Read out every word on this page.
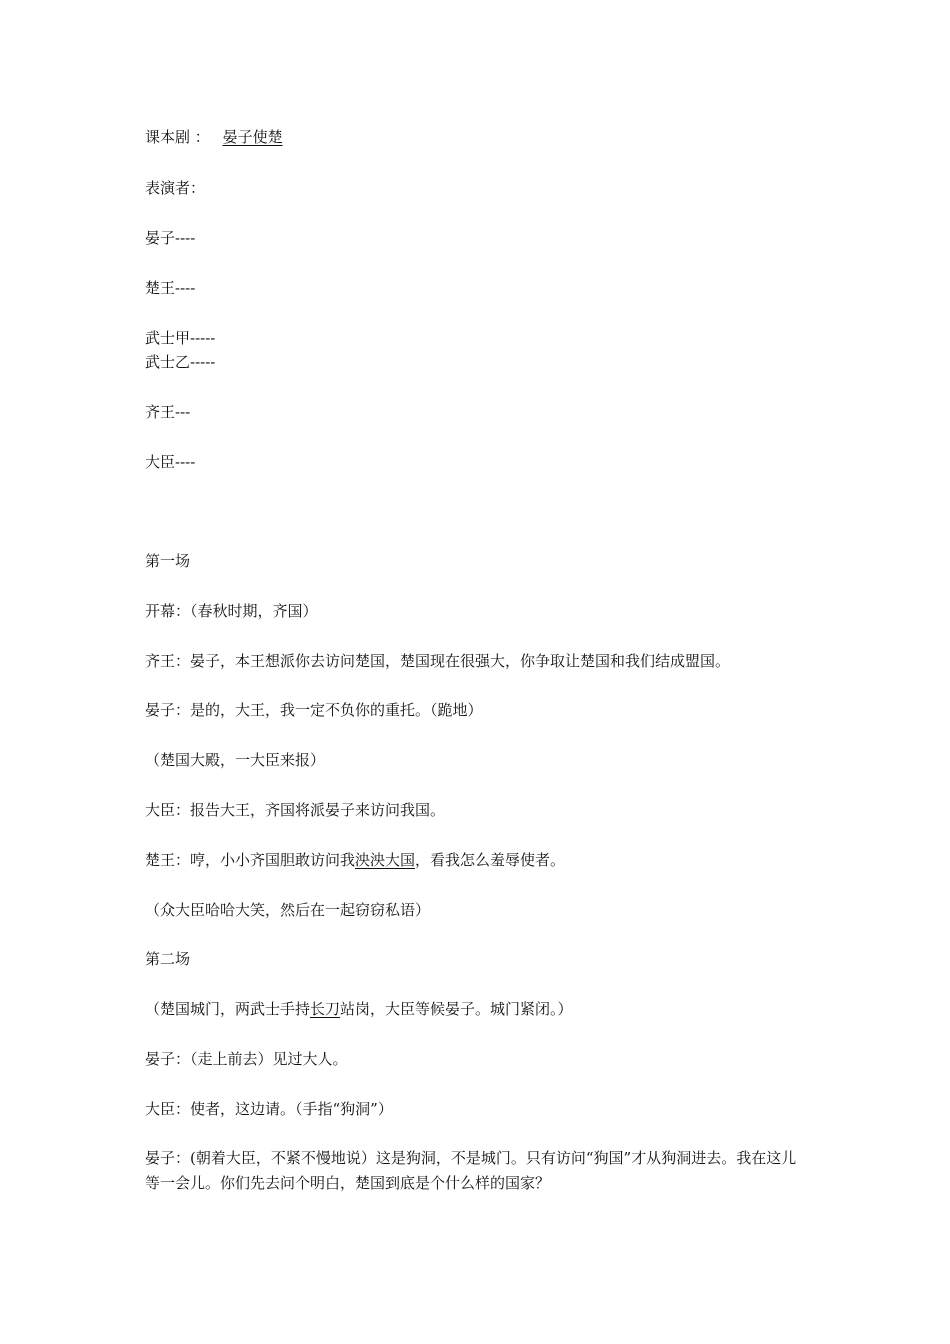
课本剧 ： 晏子使楚
表演者：
晏子----
楚王----
武士甲-----
武士乙-----
齐王---
大臣----
第一场
开幕：（春秋时期，齐国）
齐王：晏子，本王想派你去访问楚国，楚国现在很强大，你争取让楚国和我们结成盟国。
晏子：是的，大王，我一定不负你的重托。（跪地）
（楚国大殿，一大臣来报）
大臣：报告大王，齐国将派晏子来访问我国。
楚王：哼，小小齐国胆敢访问我泱泱大国，看我怎么羞辱使者。
（众大臣哈哈大笑，然后在一起窃窃私语）
第二场
（楚国城门，两武士手持长刀站岗，大臣等候晏子。城门紧闭。）
晏子：（走上前去）见过大人。
大臣：使者，这边请。（手指“狗洞”）
晏子：(朝着大臣，不紧不慢地说）这是狗洞，不是城门。只有访问“狗国”才从狗洞进去。我在这儿等一会儿。你们先去问个明白，楚国到底是个什么样的国家？
